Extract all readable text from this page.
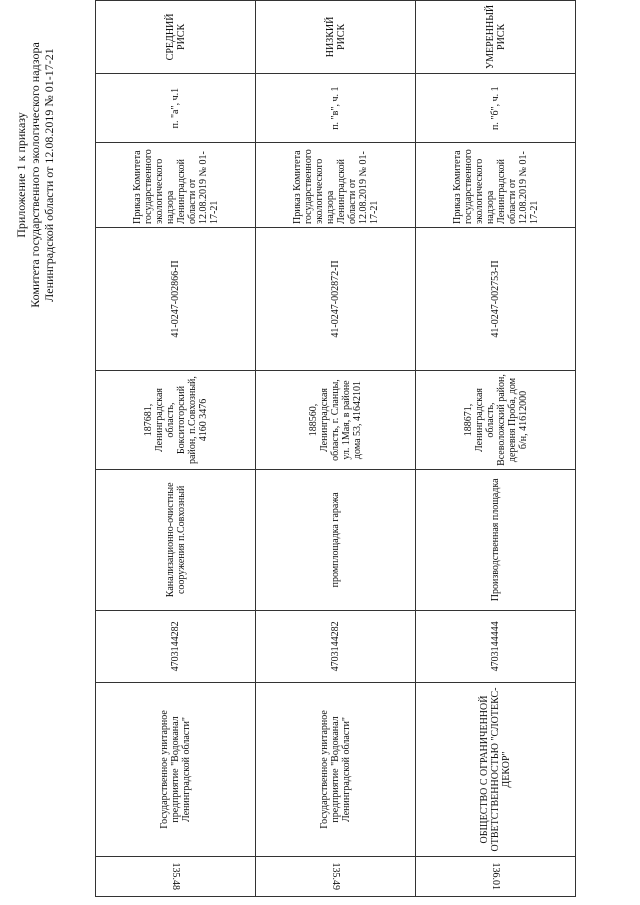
Приложение 1 к приказу Комитета государственного экологического надзора Ленинградской области от 12.08.2019 № 01-17-21
135.48	Государственное унитарное предприятие "Водоканал Ленинградской области"	4703144282	Канализационно-очистные сооружения п.Совхозный	187681, Ленинградская область, Бокситогорский район, п.Совхозный, 4160 3476	41-0247-002866-П	Приказ Комитета государственного экологического надзора Ленинградской области от 12.08.2019 № 01-17-21	п. "а", ч.1	СРЕДНИЙ РИСК
135.49	Государственное унитарное предприятие "Водоканал Ленинградской области"	4703144282	промплощадка гаража	188560, Ленинградская область, г. Сланцы, ул. 1Мая, в районе дома 53, 41642101	41-0247-002872-П	Приказ Комитета государственного экологического надзора Ленинградской области от 12.08.2019 № 01-17-21	п. "в", ч. 1	НИЗКИЙ РИСК
136.01	ОБЩЕСТВО С ОГРАНИЧЕННОЙ ОТВЕТСТВЕННОСТЬЮ "СЛОТЕКС-ДЕКОР"	4703144444	Производственная площадка	188671, Ленинградская область, Всеволожский район, деревня Проба, дом б/н, 41612000	41-0247-002753-П	Приказ Комитета государственного экологического надзора Ленинградской области от 12.08.2019 № 01-17-21	п. "б", ч. 1	УМЕРЕННЫЙ РИСК
